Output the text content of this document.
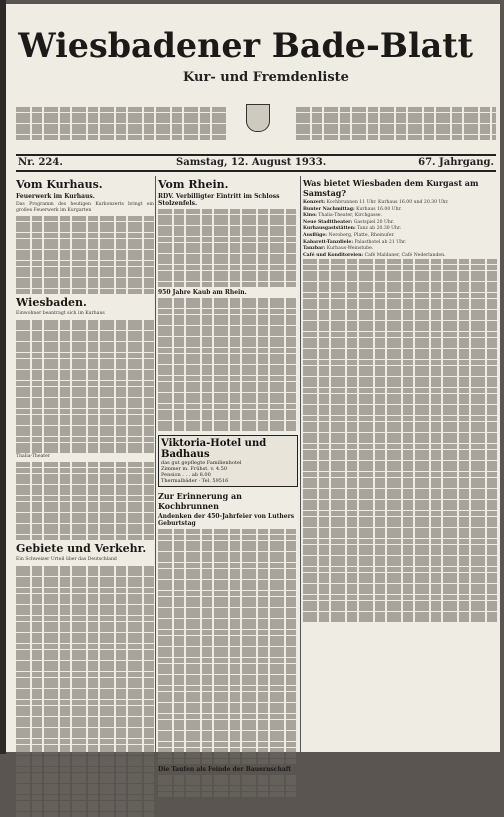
Wiesbadener Bade-Blatt
Kur- und Fremdenliste
Nr. 224.	Samstag, 12. August 1933.	67. Jahrgang.
Vom Kurhaus.
Feuerwerk im Kurhaus.
Das Programm des heutigen Kurkonzerts bringt ein großes Feuerwerk im Kurgarten
Wiesbaden.
Einwohner beantragt sich im Kurhaus
Thalia-Theater
Gebiete und Verkehr.
Ein Schweizer Urteil über das Deutschland
Vom Rhein.
RDV. Verbilligter Eintritt im Schloss Stolzenfels.
950 Jahre Kaub am Rhein.
Viktoria-Hotel und Badhaus
das gut gepflegte Familienhotel
Zimmer m. Frühst. v. 4.50
Pension . . . ab 8.00
Thermalbäder · Tel. 59516
Zur Erinnerung an Kochbrunnen
Andenken der 450-Jahrfeier von Luthers Geburtstag
Die Taufen als Feinde der Bauernschaft
Was bietet Wiesbaden dem Kurgast am Samstag?
Konzert: Kochbrunnen 11 Uhr. Kurhaus 16.00 und 20.30 Uhr.
Bunter Nachmittag: Kurhaus 16.00 Uhr.
Kino: Thalia-Theater, Kirchgasse.
Neue Stadttheater: Gastspiel 20 Uhr.
Kurhausgaststätten: Tanz ab 20.30 Uhr.
Ausflüge: Neroberg, Platte, Rheinufer.
Kabarett-Tanzdiele: Palasthotel ab 21 Uhr.
Tanzbar: Kurhaus-Weinstube.
Café und Konditoreien: Café Maldaner, Café Nederlanden.
